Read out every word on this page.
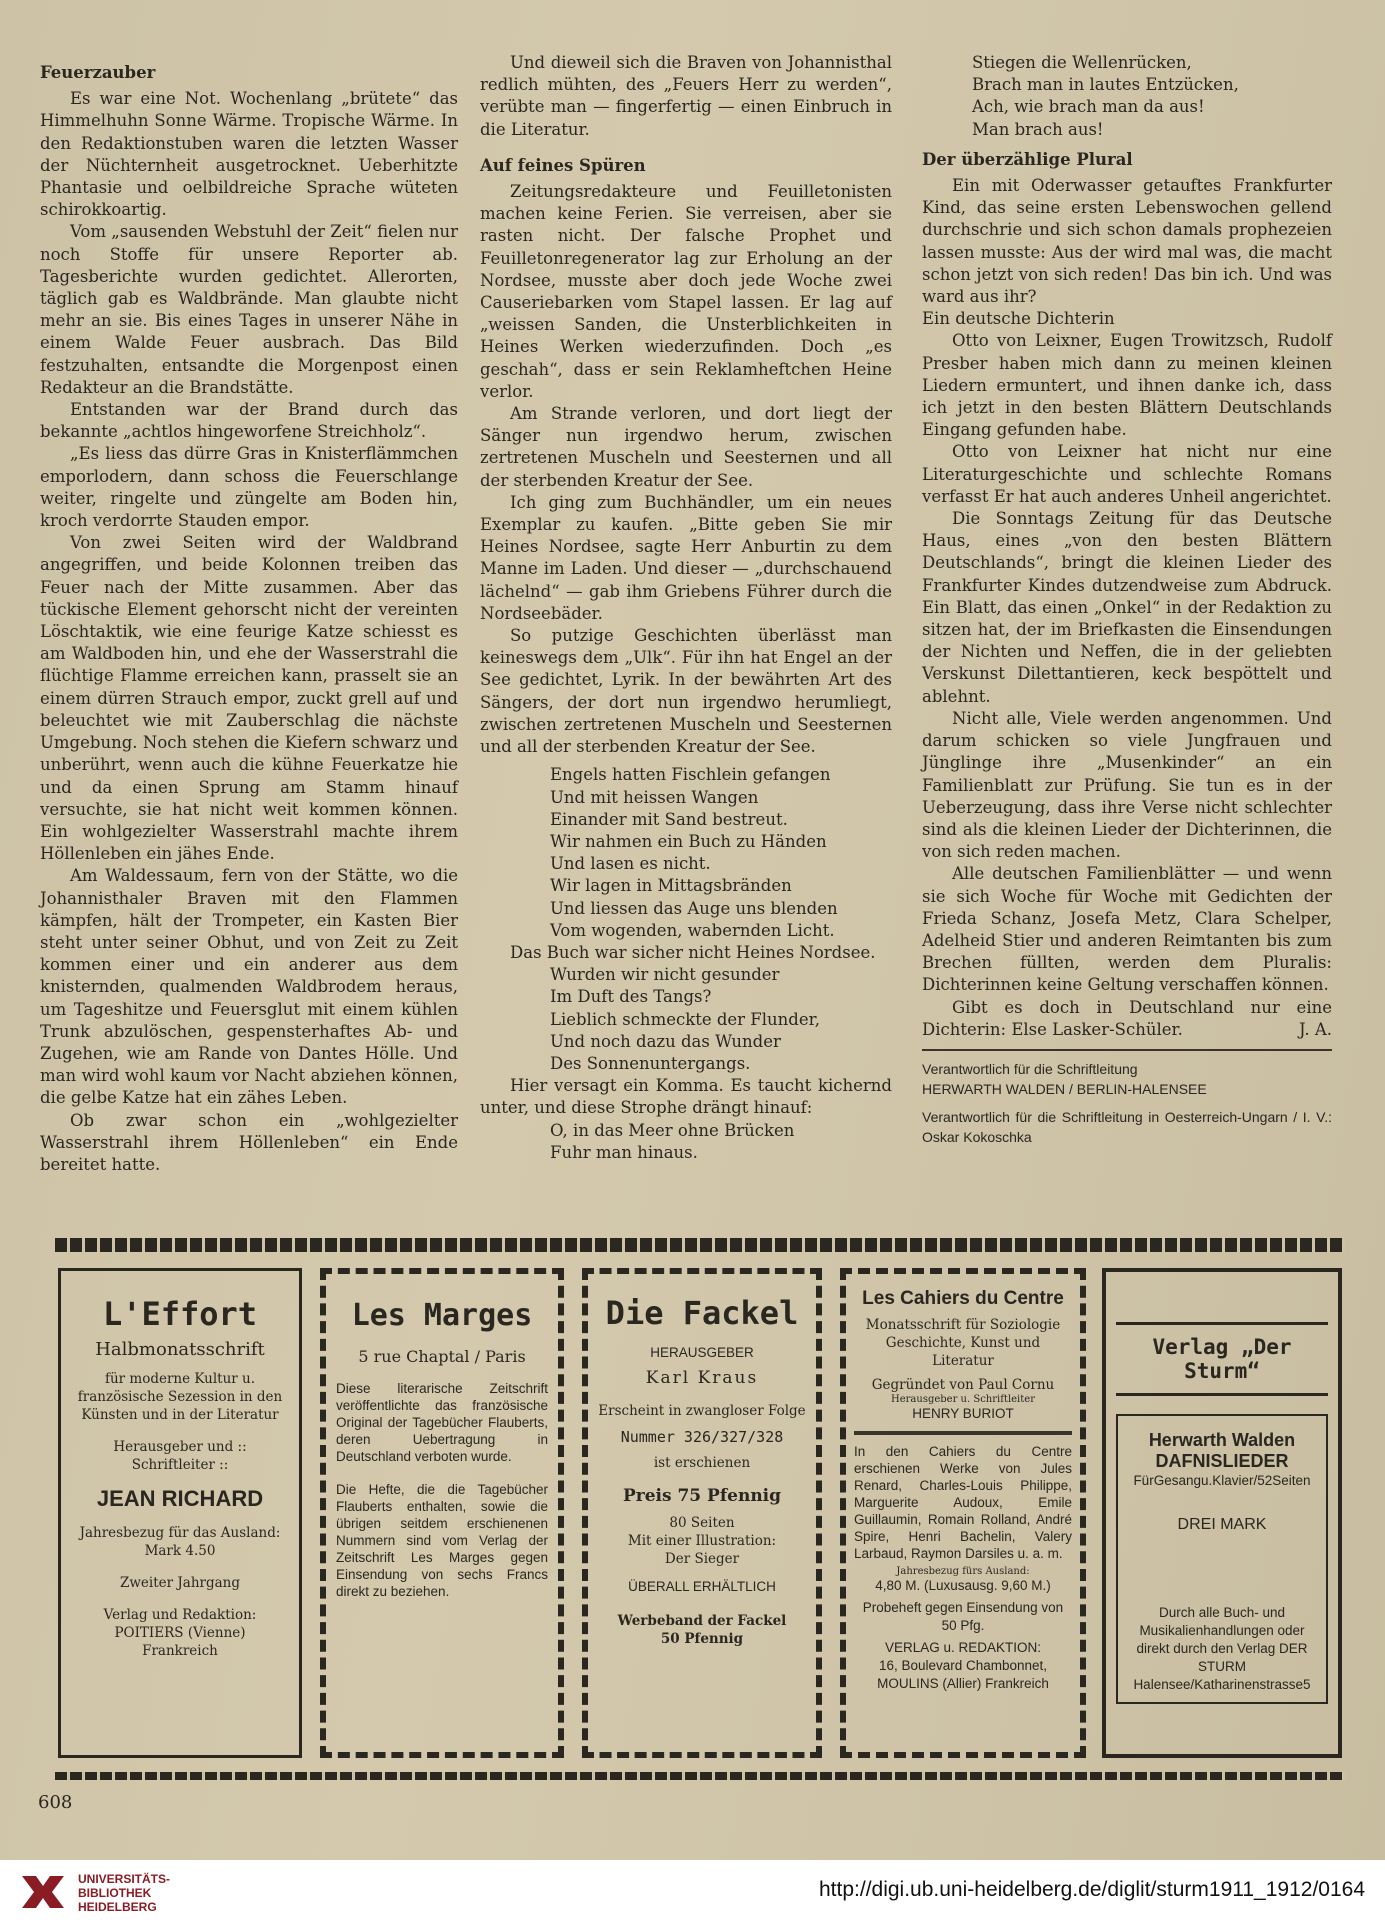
Feuerzauber

Es war eine Not. Wochenlang „brütete“ das Himmelhuhn Sonne Wärme. Tropische Wärme. In den Redaktionstuben waren die letzten Wasser der Nüchternheit ausgetrocknet. Ueberhitzte Phantasie und oelbildreiche Sprache wüteten schirokkoartig.

Vom „sausenden Webstuhl der Zeit“ fielen nur noch Stoffe für unsere Reporter ab. Tagesberichte wurden gedichtet. Allerorten, täglich gab es Waldbrände. Man glaubte nicht mehr an sie. Bis eines Tages in unserer Nähe in einem Walde Feuer ausbrach. Das Bild festzuhalten, entsandte die Morgenpost einen Redakteur an die Brandstätte.

Entstanden war der Brand durch das bekannte „achtlos hingeworfene Streichholz“.

„Es liess das dürre Gras in Knisterflämmchen emporlodern, dann schoss die Feuerschlange weiter, ringelte und züngelte am Boden hin, kroch verdorrte Stauden empor.

Von zwei Seiten wird der Waldbrand angegriffen, und beide Kolonnen treiben das Feuer nach der Mitte zusammen. Aber das tückische Element gehorscht nicht der vereinten Löschtaktik, wie eine feurige Katze schiesst es am Waldboden hin, und ehe der Wasserstrahl die flüchtige Flamme erreichen kann, prasselt sie an einem dürren Strauch empor, zuckt grell auf und beleuchtet wie mit Zauberschlag die nächste Umgebung. Noch stehen die Kiefern schwarz und unberührt, wenn auch die kühne Feuerkatze hie und da einen Sprung am Stamm hinauf versuchte, sie hat nicht weit kommen können. Ein wohlgezielter Wasserstrahl machte ihrem Höllenleben ein jähes Ende.

Am Waldessaum, fern von der Stätte, wo die Johannisthaler Braven mit den Flammen kämpfen, hält der Trompeter, ein Kasten Bier steht unter seiner Obhut, und von Zeit zu Zeit kommen einer und ein anderer aus dem knisternden, qualmenden Waldbrodem heraus, um Tageshitze und Feuersglut mit einem kühlen Trunk abzulöschen, gespensterhaftes Ab- und Zugehen, wie am Rande von Dantes Hölle. Und man wird wohl kaum vor Nacht abziehen können, die gelbe Katze hat ein zähes Leben.

Ob zwar schon ein „wohlgezielter Wasserstrahl ihrem Höllenleben“ ein Ende bereitet hatte.

Und dieweil sich die Braven von Johannisthal redlich mühten, des „Feuers Herr zu werden“, verübte man — fingerfertig — einen Einbruch in die Literatur.

Auf feines Spüren

Zeitungsredakteure und Feuilletonisten machen keine Ferien. Sie verreisen, aber sie rasten nicht. Der falsche Prophet und Feuilletonregenerator lag zur Erholung an der Nordsee, musste aber doch jede Woche zwei Causeriebarken vom Stapel lassen. Er lag auf „weissen Sanden, die Unsterblichkeiten in Heines Werken wiederzufinden. Doch „es geschah“, dass er sein Reklamheftchen Heine verlor.

Am Strande verloren, und dort liegt der Sänger nun irgendwo herum, zwischen zertretenen Muscheln und Seesternen und all der sterbenden Kreatur der See.

Ich ging zum Buchhändler, um ein neues Exemplar zu kaufen. „Bitte geben Sie mir Heines Nordsee, sagte Herr Anburtin zu dem Manne im Laden. Und dieser — „durchschauend lächelnd“ — gab ihm Griebens Führer durch die Nordseebäder.

So putzige Geschichten überlässt man keineswegs dem „Ulk“. Für ihn hat Engel an der See gedichtet, Lyrik. In der bewährten Art des Sängers, der dort nun irgendwo herumliegt, zwischen zertretenen Muscheln und Seesternen und all der sterbenden Kreatur der See.

Engels hatten Fischlein gefangen
Und mit heissen Wangen
Einander mit Sand bestreut.
Wir nahmen ein Buch zu Händen
Und lasen es nicht.
Wir lagen in Mittagsbränden
Und liessen das Auge uns blenden
Vom wogenden, wabernden Licht.

Das Buch war sicher nicht Heines Nordsee.

Wurden wir nicht gesunder
Im Duft des Tangs?
Lieblich schmeckte der Flunder,
Und noch dazu das Wunder
Des Sonnenuntergangs.

Hier versagt ein Komma. Es taucht kichernd unter, und diese Strophe drängt hinauf:

O, in das Meer ohne Brücken
Fuhr man hinaus.
Stiegen die Wellenrücken,
Brach man in lautes Entzücken,
Ach, wie brach man da aus!
Man brach aus!
Der überzählige Plural

Ein mit Oderwasser getauftes Frankfurter Kind, das seine ersten Lebenswochen gellend durchschrie und sich schon damals prophezeien lassen musste: Aus der wird mal was, die macht schon jetzt von sich reden! Das bin ich. Und was ward aus ihr?

Ein deutsche Dichterin

Otto von Leixner, Eugen Trowitzsch, Rudolf Presber haben mich dann zu meinen kleinen Liedern ermuntert, und ihnen danke ich, dass ich jetzt in den besten Blättern Deutschlands Eingang gefunden habe.

Otto von Leixner hat nicht nur eine Literaturgeschichte und schlechte Romans verfasst Er hat auch anderes Unheil angerichtet.

Die Sonntags Zeitung für das Deutsche Haus, eines „von den besten Blättern Deutschlands“, bringt die kleinen Lieder des Frankfurter Kindes dutzendweise zum Abdruck. Ein Blatt, das einen „Onkel“ in der Redaktion zu sitzen hat, der im Briefkasten die Einsendungen der Nichten und Neffen, die in der geliebten Verskunst Dilettantieren, keck bespöttelt und ablehnt.

Nicht alle, Viele werden angenommen. Und darum schicken so viele Jungfrauen und Jünglinge ihre „Musenkinder“ an ein Familienblatt zur Prüfung. Sie tun es in der Ueberzeugung, dass ihre Verse nicht schlechter sind als die kleinen Lieder der Dichterinnen, die von sich reden machen.

Alle deutschen Familienblätter — und wenn sie sich Woche für Woche mit Gedichten der Frieda Schanz, Josefa Metz, Clara Schelper, Adelheid Stier und anderen Reimtanten bis zum Brechen füllten, werden dem Pluralis: Dichterinnen keine Geltung verschaffen können.

Gibt es doch in Deutschland nur eine Dichterin: Else Lasker-Schüler.	J. A.

Verantwortlich für die Schriftleitung
HERWARTH WALDEN / BERLIN-HALENSEE
Verantwortlich für die Schriftleitung in Oesterreich-Ungarn / I. V.: Oskar Kokoschka
L'Effort
Halbmonatsschrift
für moderne Kultur u. französische Sezession in den Künsten und in der Literatur
Herausgeber und :: Schriftleiter ::
JEAN RICHARD
Jahresbezug für das Ausland: Mark 4.50
Zweiter Jahrgang
Verlag und Redaktion:
POITIERS (Vienne)
Frankreich
Les Marges
5 rue Chaptal / Paris
Diese literarische Zeitschrift veröffentlichte das französische Original der Tagebücher Flauberts, deren Uebertragung in Deutschland verboten wurde.
Die Hefte, die die Tagebücher Flauberts enthalten, sowie die übrigen seitdem erschienenen Nummern sind vom Verlag der Zeitschrift Les Marges gegen Einsendung von sechs Francs direkt zu beziehen.
Die Fackel
HERAUSGEBER
Karl Kraus
Erscheint in zwangloser Folge
Nummer 326/327/328
ist erschienen
Preis 75 Pfennig
80 Seiten
Mit einer Illustration:
Der Sieger
ÜBERALL ERHÄLTLICH
Werbeband der Fackel
50 Pfennig
Les Cahiers du Centre
Monatsschrift für Soziologie Geschichte, Kunst und Literatur
Gegründet von Paul Cornu
Herausgeber u. Schriftleiter
HENRY BURIOT
In den Cahiers du Centre erschienen Werke von Jules Renard, Charles-Louis Philippe, Marguerite Audoux, Emile Guillaumin, Romain Rolland, André Spire, Henri Bachelin, Valery Larbaud, Raymon Darsiles u. a. m.
Jahresbezug fürs Ausland:
4,80 M. (Luxusausg. 9,60 M.)
Probeheft gegen Einsendung von 50 Pfg.
VERLAG u. REDAKTION:
16, Boulevard Chambonnet, MOULINS (Allier) Frankreich
Verlag „Der Sturm“
Herwarth Walden
DAFNISLIEDER
FürGesangu.Klavier/52Seiten
DREI MARK
Durch alle Buch- und Musikalienhandlungen oder direkt durch den Verlag DER STURM Halensee/Katharinenstrasse5
608
UNIVERSITÄTS-
BIBLIOTHEK
HEIDELBERG
http://digi.ub.uni-heidelberg.de/diglit/sturm1911_1912/0164
